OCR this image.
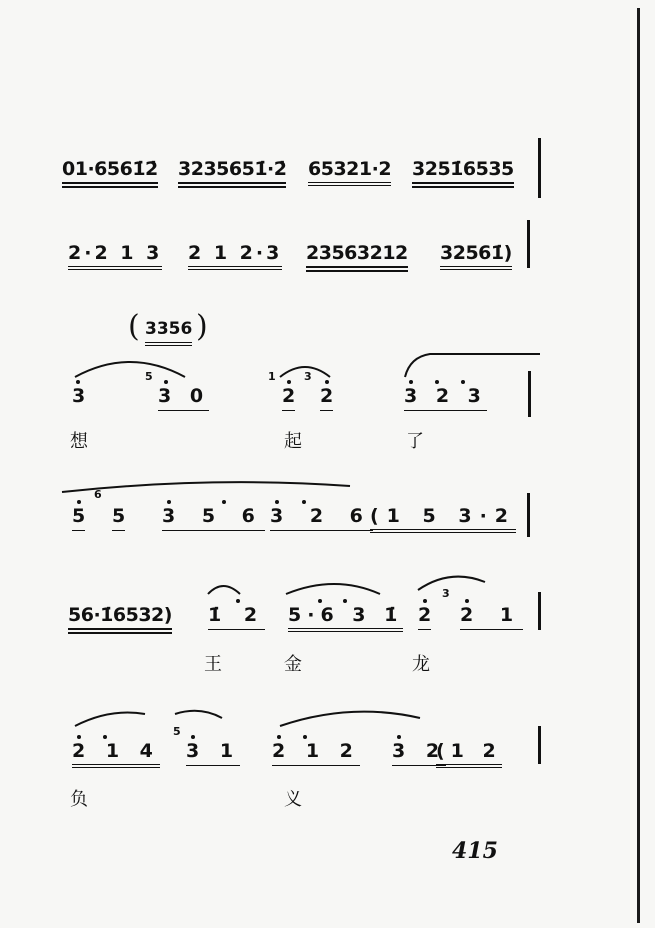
01·6561̇2̇ 3235651̇·2̇ 65321·2 3251̇6535
2·2 1 3 2 1 2·3 23563212 32561̇)
( 3356 )
3
5
3 0
1
2
3
2	3 2 3
想	起	了
5
6
5 3 5 6 3 2 6
(1 5 3·2
56·1̇6532) 1̇ 2 5·6 3 1̇ 2
3
2 1
王	金	龙
2 1 4
5
3 1 2 1 2 3 2
(1 2
负	义
415
